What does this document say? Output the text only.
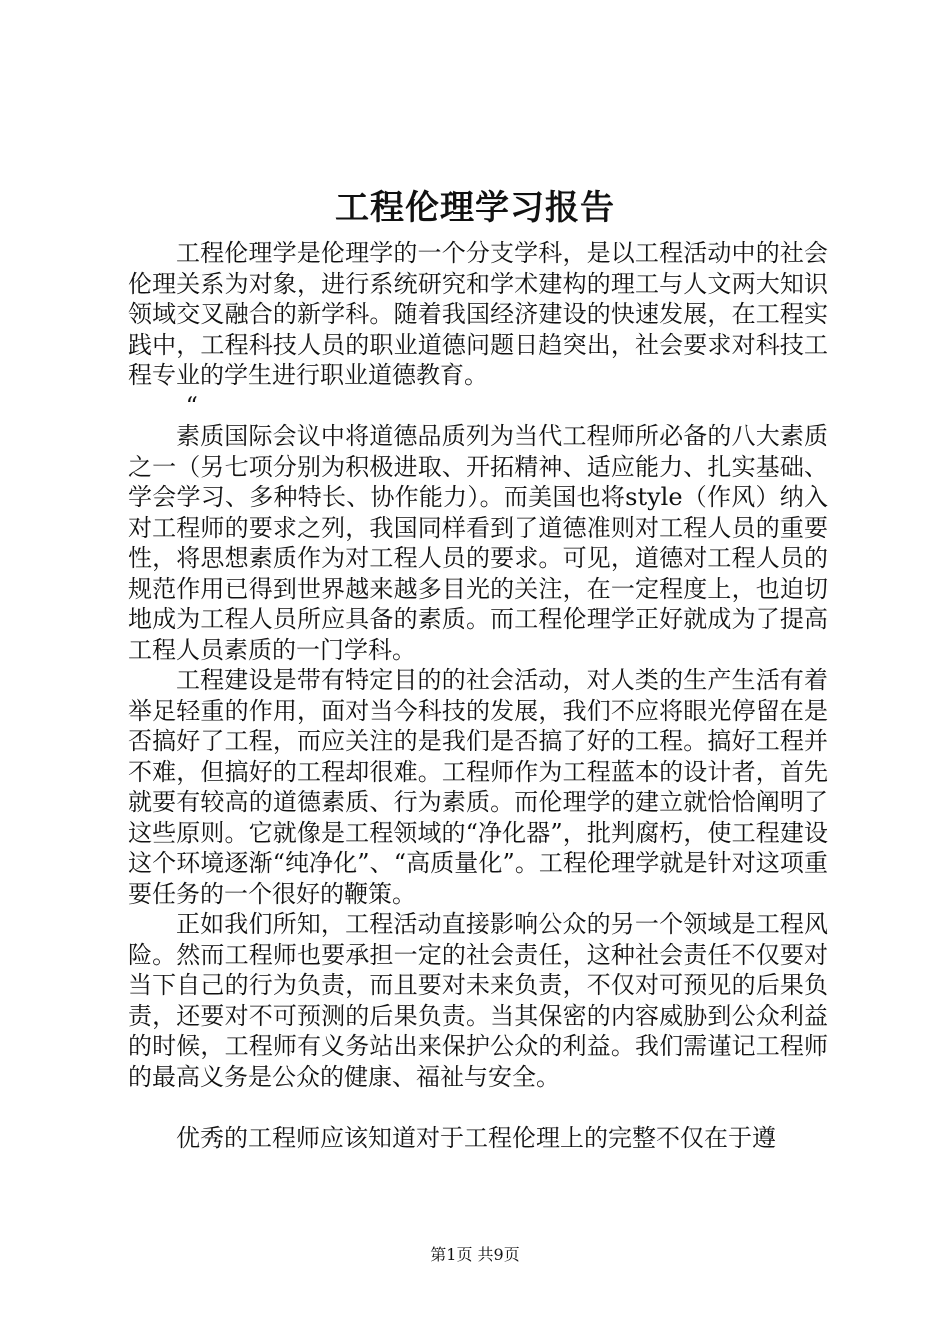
工程伦理学习报告

工程伦理学是伦理学的一个分支学科，是以工程活动中的社会伦理关系为对象，进行系统研究和学术建构的理工与人文两大知识领域交叉融合的新学科。随着我国经济建设的快速发展，在工程实践中，工程科技人员的职业道德问题日趋突出，社会要求对科技工程专业的学生进行职业道德教育。

“

素质国际会议中将道德品质列为当代工程师所必备的八大素质之一（另七项分别为积极进取、开拓精神、适应能力、扎实基础、学会学习、多种特长、协作能力）。而美国也将style（作风）纳入对工程师的要求之列，我国同样看到了道德准则对工程人员的重要性，将思想素质作为对工程人员的要求。可见，道德对工程人员的规范作用已得到世界越来越多目光的关注，在一定程度上，也迫切地成为工程人员所应具备的素质。而工程伦理学正好就成为了提高工程人员素质的一门学科。

工程建设是带有特定目的的社会活动，对人类的生产生活有着举足轻重的作用，面对当今科技的发展，我们不应将眼光停留在是否搞好了工程，而应关注的是我们是否搞了好的工程。搞好工程并不难，但搞好的工程却很难。工程师作为工程蓝本的设计者，首先就要有较高的道德素质、行为素质。而伦理学的建立就恰恰阐明了这些原则。它就像是工程领域的“净化器”，批判腐朽，使工程建设这个环境逐渐“纯净化”、“高质量化”。工程伦理学就是针对这项重要任务的一个很好的鞭策。

正如我们所知，工程活动直接影响公众的另一个领域是工程风险。然而工程师也要承担一定的社会责任，这种社会责任不仅要对当下自己的行为负责，而且要对未来负责，不仅对可预见的后果负责，还要对不可预测的后果负责。当其保密的内容威胁到公众利益的时候，工程师有义务站出来保护公众的利益。我们需谨记工程师的最高义务是公众的健康、福祉与安全。

优秀的工程师应该知道对于工程伦理上的完整不仅在于遵

第1页 共9页
